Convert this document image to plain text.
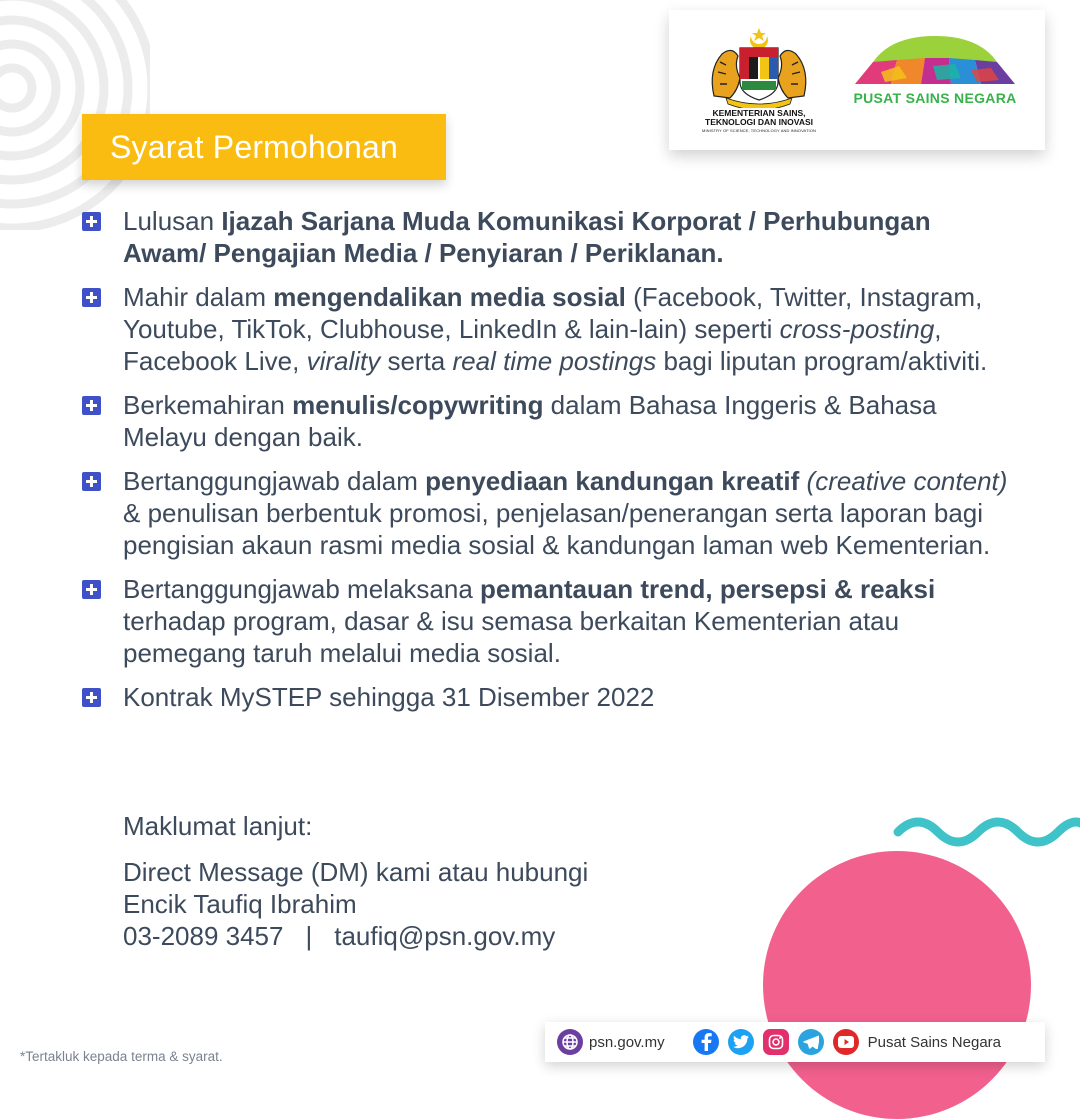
KEMENTERIAN SAINS, TEKNOLOGI DAN INOVASI
MINISTRY OF SCIENCE, TECHNOLOGY AND INNOVATION
PUSAT SAINS NEGARA
Syarat Permohonan
Lulusan Ijazah Sarjana Muda Komunikasi Korporat / Perhubungan Awam/ Pengajian Media / Penyiaran / Periklanan.
Mahir dalam mengendalikan media sosial (Facebook, Twitter, Instagram, Youtube, TikTok, Clubhouse, LinkedIn & lain-lain) seperti cross-posting, Facebook Live, virality serta real time postings bagi liputan program/aktiviti.
Berkemahiran menulis/copywriting dalam Bahasa Inggeris & Bahasa Melayu dengan baik.
Bertanggungjawab dalam penyediaan kandungan kreatif (creative content) & penulisan berbentuk promosi, penjelasan/penerangan serta laporan bagi pengisian akaun rasmi media sosial & kandungan laman web Kementerian.
Bertanggungjawab melaksana pemantauan trend, persepsi & reaksi terhadap program, dasar & isu semasa berkaitan Kementerian atau pemegang taruh melalui media sosial.
Kontrak MySTEP sehingga 31 Disember 2022
Maklumat lanjut:
Direct Message (DM) kami atau hubungi
Encik Taufiq Ibrahim
03-2089 3457 | taufiq@psn.gov.my
*Tertakluk kepada terma & syarat.
psn.gov.my	Pusat Sains Negara
